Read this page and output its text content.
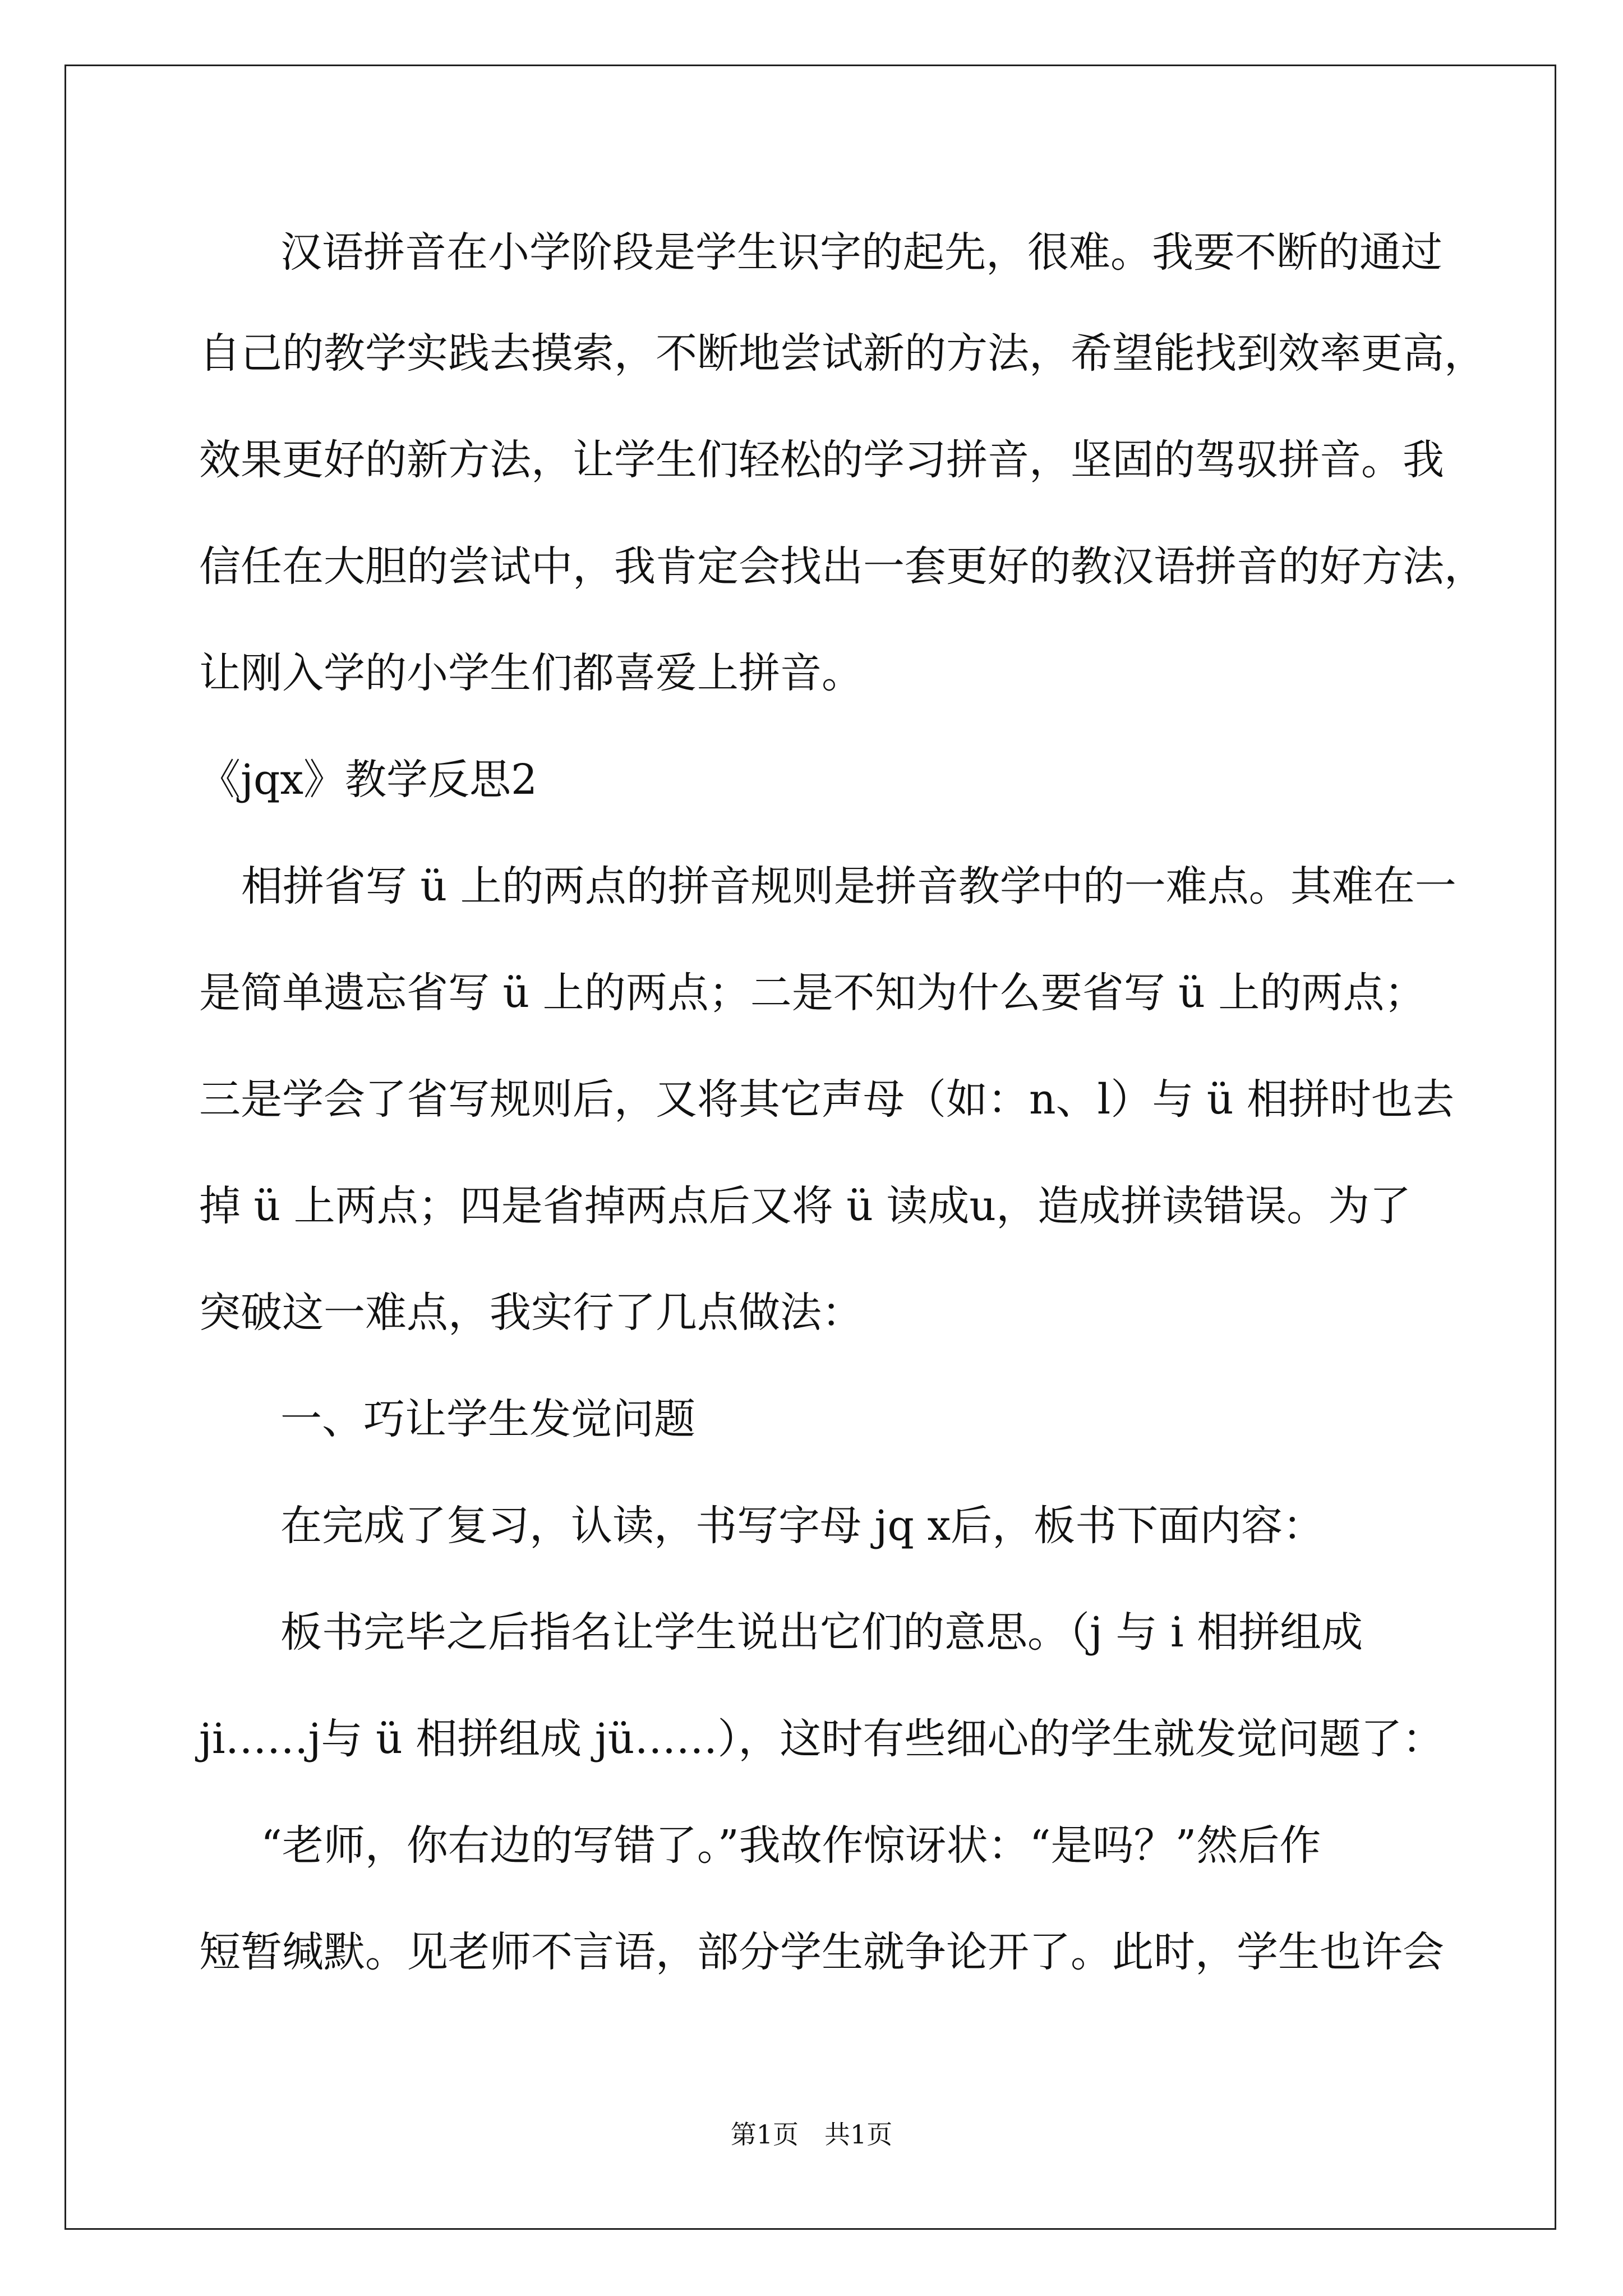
汉语拼音在小学阶段是学生识字的起先，很难。我要不断的通过
自己的教学实践去摸索，不断地尝试新的方法，希望能找到效率更高，
效果更好的新方法，让学生们轻松的学习拼音，坚固的驾驭拼音。我
信任在大胆的尝试中，我肯定会找出一套更好的教汉语拼音的好方法，
让刚入学的小学生们都喜爱上拼音。
《jqx》教学反思2
相拼省写 ü 上的两点的拼音规则是拼音教学中的一难点。其难在一
是简单遗忘省写 ü 上的两点；二是不知为什么要省写 ü 上的两点；
三是学会了省写规则后，又将其它声母（如：n、l）与 ü 相拼时也去
掉 ü 上两点；四是省掉两点后又将 ü 读成u，造成拼读错误。为了
突破这一难点，我实行了几点做法：
一、巧让学生发觉问题
在完成了复习，认读，书写字母 jq x后，板书下面内容：
板书完毕之后指名让学生说出它们的意思。（j 与 i 相拼组成
ji……j与 ü 相拼组成 jü……），这时有些细心的学生就发觉问题了：
“老师，你右边的写错了。”我故作惊讶状：“是吗？”然后作
短暂缄默。见老师不言语，部分学生就争论开了。此时，学生也许会
第1页　共1页
